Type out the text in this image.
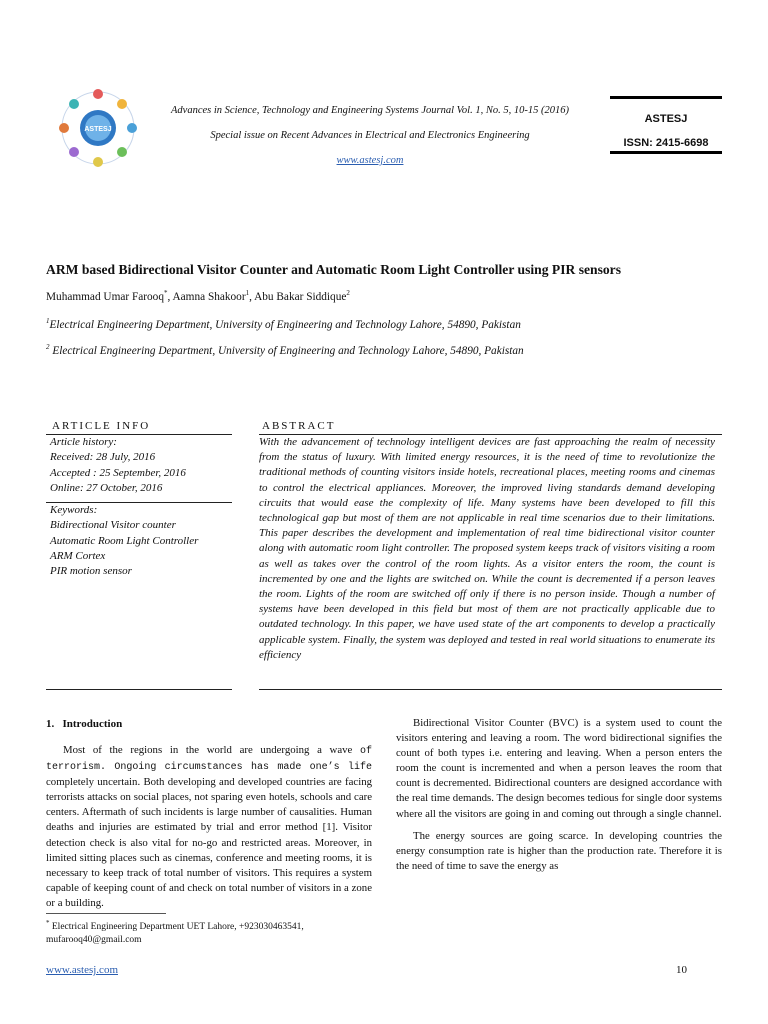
ASTESJ
Advances in Science, Technology and Engineering Systems Journal Vol. 1, No. 5, 10-15 (2016)
Special issue on Recent Advances in Electrical and Electronics Engineering
www.astesj.com
ASTESJ
ISSN: 2415-6698
ARM based Bidirectional Visitor Counter and Automatic Room Light Controller using PIR sensors
Muhammad Umar Farooq*, Aamna Shakoor$^1$, Abu Bakar Siddique$^2$
$^1$Electrical Engineering Department, University of Engineering and Technology Lahore, 54890, Pakistan
$^2$ Electrical Engineering Department, University of Engineering and Technology Lahore, 54890, Pakistan
ARTICLE INFO
Article history:
Received: 28 July, 2016
Accepted : 25 September, 2016
Online: 27 October, 2016
Keywords:
Bidirectional Visitor counter
Automatic Room Light Controller
ARM Cortex
PIR motion sensor
ABSTRACT
With the advancement of technology intelligent devices are fast approaching the realm of necessity from the status of luxury. With limited energy resources, it is the need of time to revolutionize the traditional methods of counting visitors inside hotels, recreational places, meeting rooms and cinemas to control the electrical appliances. Moreover, the improved living standards demand developing circuits that would ease the complexity of life. Many systems have been developed to fill this technological gap but most of them are not applicable in real time scenarios due to their limitations. This paper describes the development and implementation of real time bidirectional visitor counter along with automatic room light controller. The proposed system keeps track of visitors visiting a room as well as takes over the control of the room lights. As a visitor enters the room, the count is incremented by one and the lights are switched on. While the count is decremented if a person leaves the room. Lights of the room are switched off only if there is no person inside. Though a number of systems have been developed in this field but most of them are not practically applicable due to outdated technology. In this paper, we have used state of the art components to develop a practically applicable system. Finally, the system was deployed and tested in real world situations to enumerate its efficiency
1.   Introduction

Most of the regions in the world are undergoing a wave of terrorism. Ongoing circumstances has made one’s life completely uncertain. Both developing and developed countries are facing terrorists attacks on social places, not sparing even hotels, schools and care centers. Aftermath of such incidents is large number of causalities. Human deaths and injuries are estimated by trial and error method [1]. Visitor detection check is also vital for no-go and restricted areas. Moreover, in limited sitting places such as cinemas, conference and meeting rooms, it is necessary to keep track of total number of visitors. This requires a system capable of keeping count of and check on total number of visitors in a zone or a building.

Bidirectional Visitor Counter (BVC) is a system used to count the visitors entering and leaving a room. The word bidirectional signifies the count of both types i.e. entering and leaving. When a person enters the room the count is incremented and when a person leaves the room that count is decremented. Bidirectional counters are designed accordance with the real time demands. The design becomes tedious for single door systems where all the visitors are going in and coming out through a single channel.

The energy sources are going scarce. In developing countries the energy consumption rate is higher than the production rate. Therefore it is the need of time to save the energy as

* Electrical Engineering Department UET Lahore, +923030463541,
mufarooq40@gmail.com
www.astesj.com	10
